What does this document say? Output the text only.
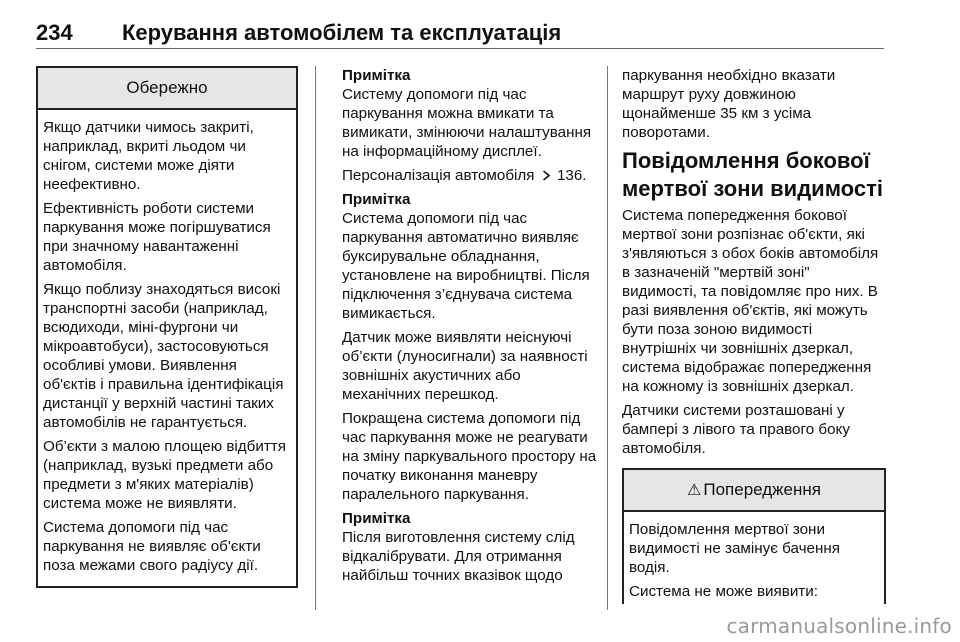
234 Керування автомобілем та експлуатація
Обережно

Якщо датчики чимось закриті, наприклад, вкриті льодом чи снігом, системи може діяти неефективно.

Ефективність роботи системи паркування може погіршуватися при значному навантаженні автомобіля.

Якщо поблизу знаходяться високі транспортні засоби (наприклад, всюдиходи, міні-фургони чи мікроавтобуси), застосовуються особливі умови. Виявлення об'єктів і правильна ідентифікація дистанції у верхній частині таких автомобілів не гарантується.

Об’єкти з малою площею відбиття (наприклад, вузькі предмети або предмети з м'яких матеріалів) система може не виявляти.

Система допомоги під час паркування не виявляє об'єкти поза межами свого радіусу дії.

Примітка

Систему допомоги під час паркування можна вмикати та вимикати, змінюючи налаштування на інформаційному дисплеї.

Персоналізація автомобіля 136.

Примітка

Система допомоги під час паркування автоматично виявляє буксирувальне обладнання, установлене на виробництві. Після підключення з’єднувача система вимикається.

Датчик може виявляти неіснуючі об’єкти (луносигнали) за наявності зовнішніх акустичних або механічних перешкод.

Покращена система допомоги під час паркування може не реагувати на зміну паркувального простору на початку виконання маневру паралельного паркування.

Примітка

Після виготовлення систему слід відкалібрувати. Для отримання найбільш точних вказівок щодо

паркування необхідно вказати маршрут руху довжиною щонайменше 35 км з усіма поворотами.

Повідомлення бокової мертвої зони видимості

Система попередження бокової мертвої зони розпізнає об'єкти, які з'являються з обох боків автомобіля в зазначеній "мертвій зоні" видимості, та повідомляє про них. В разі виявлення об'єктів, які можуть бути поза зоною видимості внутрішніх чи зовнішніх дзеркал, система відображає попередження на кожному із зовнішніх дзеркал.

Датчики системи розташовані у бампері з лівого та правого боку автомобіля.

⚠ Попередження

Повідомлення мертвої зони видимості не замінує бачення водія.

Система не може виявити:

carmanualsonline.info
